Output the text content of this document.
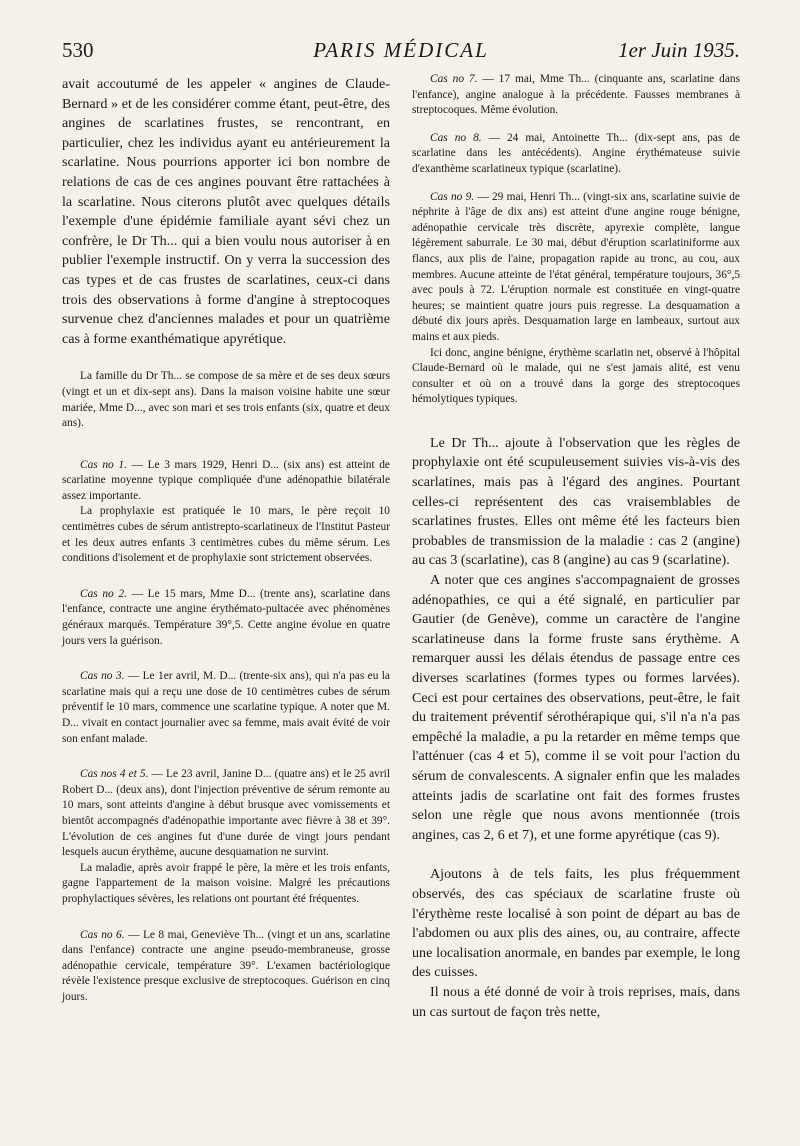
530	PARIS MÉDICAL	1er Juin 1935.

avait accoutumé de les appeler « angines de Claude-Bernard » et de les considérer comme étant, peut-être, des angines de scarlatines frustes, se rencontrant, en particulier, chez les individus ayant eu antérieurement la scarlatine. Nous pourrions apporter ici bon nombre de relations de cas de ces angines pouvant être rattachées à la scarlatine. Nous citerons plutôt avec quelques détails l'exemple d'une épidémie familiale ayant sévi chez un confrère, le Dr Th... qui a bien voulu nous autoriser à en publier l'exemple instructif. On y verra la succession des cas types et de cas frustes de scarlatines, ceux-ci dans trois des observations à forme d'angine à streptocoques survenue chez d'anciennes malades et pour un quatrième cas à forme exanthématique apyrétique.

La famille du Dr Th... se compose de sa mère et de ses deux sœurs (vingt et un et dix-sept ans). Dans la maison voisine habite une sœur mariée, Mme D..., avec son mari et ses trois enfants (six, quatre et deux ans).

Cas no 1. — Le 3 mars 1929, Henri D... (six ans) est atteint de scarlatine moyenne typique compliquée d'une adénopathie bilatérale assez importante.

La prophylaxie est pratiquée le 10 mars, le père reçoit 10 centimètres cubes de sérum antistrepto-scarlatineux de l'Institut Pasteur et les deux autres enfants 3 centimètres cubes du même sérum. Les conditions d'isolement et de prophylaxie sont strictement observées.

Cas no 2. — Le 15 mars, Mme D... (trente ans), scarlatine dans l'enfance, contracte une angine érythémato-pultacée avec phénomènes généraux marqués. Température 39°,5. Cette angine évolue en quatre jours vers la guérison.

Cas no 3. — Le 1er avril, M. D... (trente-six ans), qui n'a pas eu la scarlatine mais qui a reçu une dose de 10 centimètres cubes de sérum préventif le 10 mars, commence une scarlatine typique. A noter que M. D... vivait en contact journalier avec sa femme, mais avait évité de voir son enfant malade.

Cas nos 4 et 5. — Le 23 avril, Janine D... (quatre ans) et le 25 avril Robert D... (deux ans), dont l'injection préventive de sérum remonte au 10 mars, sont atteints d'angine à début brusque avec vomissements et bientôt accompagnés d'adénopathie importante avec fièvre à 38 et 39°. L'évolution de ces angines fut d'une durée de vingt jours pendant lesquels aucun érythème, aucune desquamation ne survint.

La maladie, après avoir frappé le père, la mère et les trois enfants, gagne l'appartement de la maison voisine. Malgré les précautions prophylactiques sévères, les relations ont pourtant été fréquentes.

Cas no 6. — Le 8 mai, Geneviève Th... (vingt et un ans, scarlatine dans l'enfance) contracte une angine pseudo-membraneuse, grosse adénopathie cervicale, température 39°. L'examen bactériologique révèle l'existence presque exclusive de streptocoques. Guérison en cinq jours.

Cas no 7. — 17 mai, Mme Th... (cinquante ans, scarlatine dans l'enfance), angine analogue à la précédente. Fausses membranes à streptocoques. Même évolution.

Cas no 8. — 24 mai, Antoinette Th... (dix-sept ans, pas de scarlatine dans les antécédents). Angine érythémateuse suivie d'exanthème scarlatineux typique (scarlatine).

Cas no 9. — 29 mai, Henri Th... (vingt-six ans, scarlatine suivie de néphrite à l'âge de dix ans) est atteint d'une angine rouge bénigne, adénopathie cervicale très discrète, apyrexie complète, langue légèrement saburrale. Le 30 mai, début d'éruption scarlatiniforme aux flancs, aux plis de l'aine, propagation rapide au tronc, au cou, aux membres. Aucune atteinte de l'état général, température toujours, 36°,5 avec pouls à 72. L'éruption normale est constituée en vingt-quatre heures; se maintient quatre jours puis regresse. La desquamation a débuté dix jours après. Desquamation large en lambeaux, surtout aux mains et aux pieds.

Ici donc, angine bénigne, érythème scarlatin net, observé à l'hôpital Claude-Bernard où le malade, qui ne s'est jamais alité, est venu consulter et où on a trouvé dans la gorge des streptocoques hémolytiques typiques.

Le Dr Th... ajoute à l'observation que les règles de prophylaxie ont été scupuleusement suivies vis-à-vis des scarlatines, mais pas à l'égard des angines. Pourtant celles-ci représentent des cas vraisemblables de scarlatines frustes. Elles ont même été les facteurs bien probables de transmission de la maladie : cas 2 (angine) au cas 3 (scarlatine), cas 8 (angine) au cas 9 (scarlatine).

A noter que ces angines s'accompagnaient de grosses adénopathies, ce qui a été signalé, en particulier par Gautier (de Genève), comme un caractère de l'angine scarlatineuse dans la forme fruste sans érythème. A remarquer aussi les délais étendus de passage entre ces diverses scarlatines (formes types ou formes larvées). Ceci est pour certaines des observations, peut-être, le fait du traitement préventif sérothérapique qui, s'il n'a n'a pas empêché la maladie, a pu la retarder en même temps que l'atténuer (cas 4 et 5), comme il se voit pour l'action du sérum de convalescents. A signaler enfin que les malades atteints jadis de scarlatine ont fait des formes frustes selon une règle que nous avons mentionnée (trois angines, cas 2, 6 et 7), et une forme apyrétique (cas 9).

Ajoutons à de tels faits, les plus fréquemment observés, des cas spéciaux de scarlatine fruste où l'érythème reste localisé à son point de départ au bas de l'abdomen ou aux plis des aines, ou, au contraire, affecte une localisation anormale, en bandes par exemple, le long des cuisses.

Il nous a été donné de voir à trois reprises, mais, dans un cas surtout de façon très nette,
